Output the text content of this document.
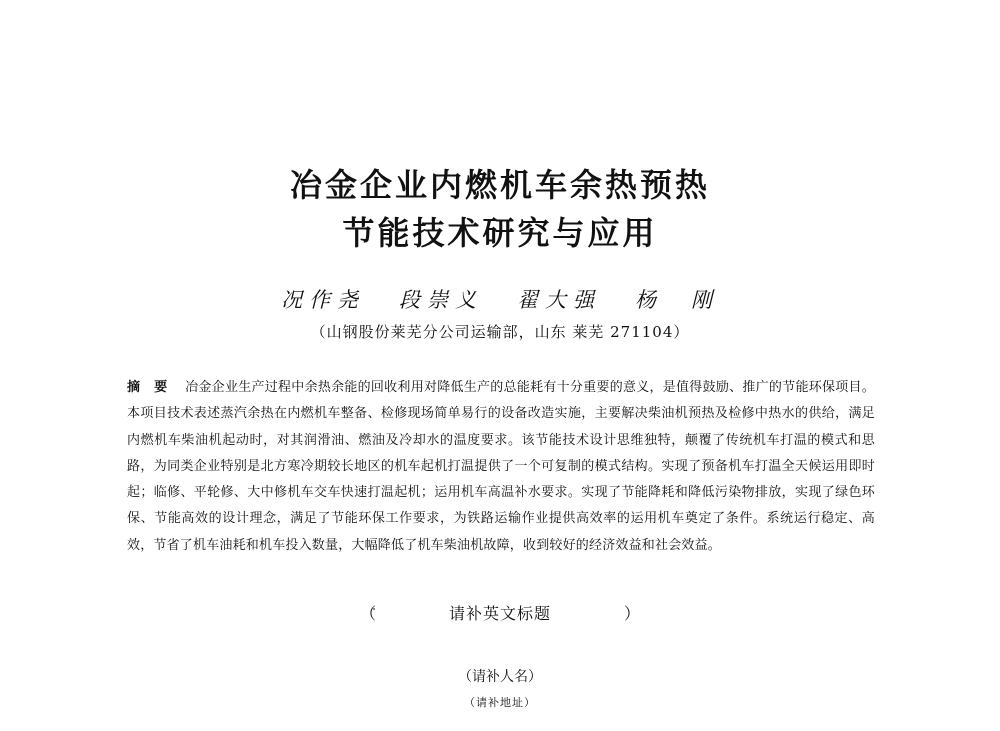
冶金企业内燃机车余热预热
节能技术研究与应用
况作尧 段崇义 翟大强 杨　刚
（山钢股份莱芜分公司运输部，山东 莱芜 271104）
摘要 冶金企业生产过程中余热余能的回收利用对降低生产的总能耗有十分重要的意义，是值得鼓励、推广的节能环保项目。本项目技术表述蒸汽余热在内燃机车整备、检修现场简单易行的设备改造实施，主要解决柴油机预热及检修中热水的供给，满足内燃机车柴油机起动时，对其润滑油、燃油及冷却水的温度要求。该节能技术设计思维独特，颠覆了传统机车打温的模式和思路，为同类企业特别是北方寒冷期较长地区的机车起机打温提供了一个可复制的模式结构。实现了预备机车打温全天候运用即时起；临修、平轮修、大中修机车交车快速打温起机；运用机车高温补水要求。实现了节能降耗和降低污染物排放，实现了绿色环保、节能高效的设计理念，满足了节能环保工作要求，为铁路运输作业提供高效率的运用机车奠定了条件。系统运行稳定、高效，节省了机车油耗和机车投入数量，大幅降低了机车柴油机故障，收到较好的经济效益和社会效益。
（	请补英文标题	）
（请补人名）
（请补地址）
